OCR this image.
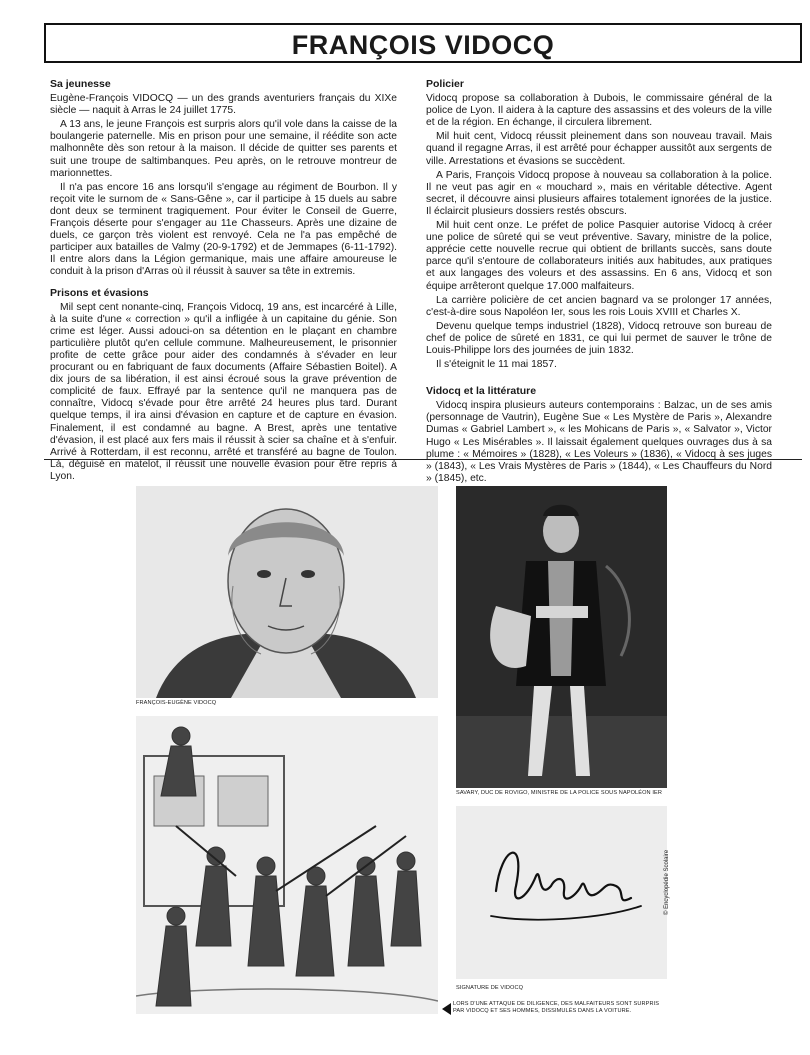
FRANÇOIS VIDOCQ
Sa jeunesse

Eugène-François VIDOCQ — un des grands aventuriers français du XIXe siècle — naquit à Arras le 24 juillet 1775.

A 13 ans, le jeune François est surpris alors qu'il vole dans la caisse de la boulangerie paternelle. Mis en prison pour une semaine, il réédite son acte malhonnête dès son retour à la maison. Il décide de quitter ses parents et suit une troupe de saltimbanques. Peu après, on le retrouve montreur de marionnettes.

Il n'a pas encore 16 ans lorsqu'il s'engage au régiment de Bourbon. Il y reçoit vite le surnom de « Sans-Gêne », car il participe à 15 duels au sabre dont deux se terminent tragiquement. Pour éviter le Conseil de Guerre, François déserte pour s'engager au 11e Chasseurs. Après une dizaine de duels, ce garçon très violent est renvoyé. Cela ne l'a pas empêché de participer aux batailles de Valmy (20-9-1792) et de Jemmapes (6-11-1792). Il entre alors dans la Légion germanique, mais une affaire amoureuse le conduit à la prison d'Arras où il réussit à sauver sa tête in extremis.

Prisons et évasions

Mil sept cent nonante-cinq, François Vidocq, 19 ans, est incarcéré à Lille, à la suite d'une « correction » qu'il a infligée à un capitaine du génie. Son crime est léger. Aussi adouci-on sa détention en le plaçant en chambre particulière plutôt qu'en cellule commune. Malheureusement, le prisonnier profite de cette grâce pour aider des condamnés à s'évader en leur procurant ou en fabriquant de faux documents (Affaire Sébastien Boitel). A dix jours de sa libération, il est ainsi écroué sous la grave prévention de complicité de faux. Effrayé par la sentence qu'il ne manquera pas de connaître, Vidocq s'évade pour être arrêté 24 heures plus tard. Durant quelque temps, il ira ainsi d'évasion en capture et de capture en évasion. Finalement, il est condamné au bagne. A Brest, après une tentative d'évasion, il est placé aux fers mais il réussit à scier sa chaîne et à s'enfuir. Arrivé à Rotterdam, il est reconnu, arrêté et transféré au bagne de Toulon. Là, déguisé en matelot, il réussit une nouvelle évasion pour être repris à Lyon.

Policier

Vidocq propose sa collaboration à Dubois, le commissaire général de la police de Lyon. Il aidera à la capture des assassins et des voleurs de la ville et de la région. En échange, il circulera librement.

Mil huit cent, Vidocq réussit pleinement dans son nouveau travail. Mais quand il regagne Arras, il est arrêté pour échapper aussitôt aux sergents de ville. Arrestations et évasions se succèdent.

A Paris, François Vidocq propose à nouveau sa collaboration à la police. Il ne veut pas agir en « mouchard », mais en véritable détective. Agent secret, il découvre ainsi plusieurs affaires totalement ignorées de la justice. Il éclaircit plusieurs dossiers restés obscurs.

Mil huit cent onze. Le préfet de police Pasquier autorise Vidocq à créer une police de sûreté qui se veut préventive. Savary, ministre de la police, apprécie cette nouvelle recrue qui obtient de brillants succès, sans doute parce qu'il s'entoure de collaborateurs initiés aux habitudes, aux pratiques et aux langages des voleurs et des assassins. En 6 ans, Vidocq et son équipe arrêteront quelque 17.000 malfaiteurs.

La carrière policière de cet ancien bagnard va se prolonger 17 années, c'est-à-dire sous Napoléon Ier, sous les rois Louis XVIII et Charles X.

Devenu quelque temps industriel (1828), Vidocq retrouve son bureau de chef de police de sûreté en 1831, ce qui lui permet de sauver le trône de Louis-Philippe lors des journées de juin 1832.

Il s'éteignit le 11 mai 1857.

Vidocq et la littérature

Vidocq inspira plusieurs auteurs contemporains : Balzac, un de ses amis (personnage de Vautrin), Eugène Sue « Les Mystère de Paris », Alexandre Dumas « Gabriel Lambert », « les Mohicans de Paris », « Salvator », Victor Hugo « Les Misérables ». Il laissait également quelques ouvrages dus à sa plume : « Mémoires » (1828), « Les Voleurs » (1836), « Vidocq à ses juges » (1843), « Les Vrais Mystères de Paris » (1844), « Les Chauffeurs du Nord » (1845), etc.

FRANÇOIS-EUGÈNE VIDOCQ
SAVARY, DUC DE ROVIGO, MINISTRE DE LA POLICE SOUS NAPOLÉON IER
SIGNATURE DE VIDOCQ
© Encyclopédie Scolaire
LORS D'UNE ATTAQUE DE DILIGENCE, DES MALFAITEURS SONT SURPRIS PAR VIDOCQ ET SES HOMMES, DISSIMULÉS DANS LA VOITURE.
